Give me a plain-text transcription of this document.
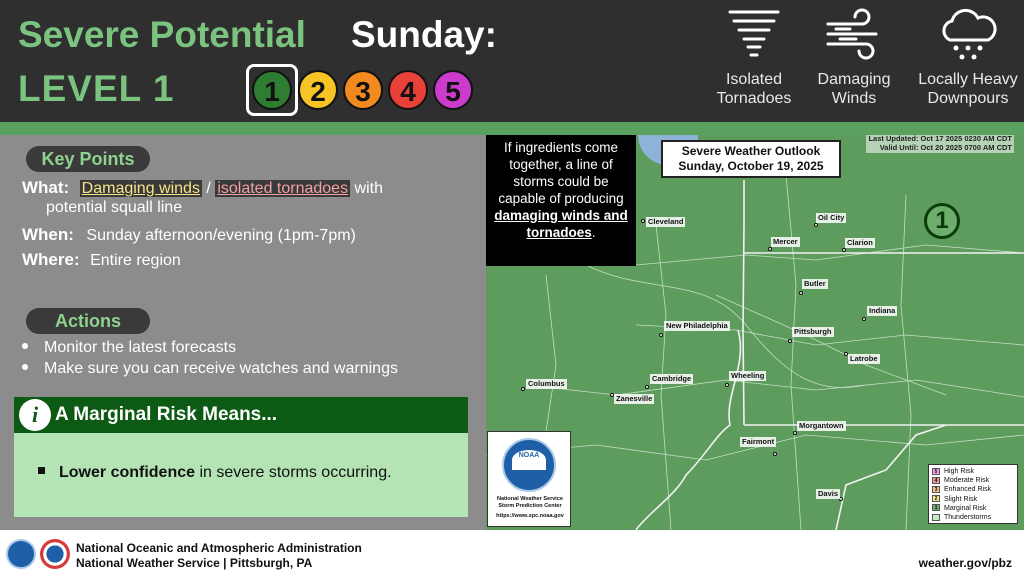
Severe Potential Sunday:
LEVEL 1	1	2	3	4	5	Isolated
Tornadoes
Damaging
Winds
Locally Heavy
Downpours
Key Points
What: Damaging winds / isolated tornadoes with
potential squall line
When: Sunday afternoon/evening (1pm-7pm)
Where: Entire region
Actions
Monitor the latest forecasts
Make sure you can receive watches and warnings
i A Marginal Risk Means...
Lower confidence in severe storms occurring.
If ingredients come together, a line of storms could be capable of producing damaging winds and tornadoes.
Severe Weather Outlook
Sunday, October 19, 2025
Last Updated: Oct 17 2025 0230 AM CDT
Valid Until: Oct 20 2025 0700 AM CDT
1
Cleveland	Oil City
Mercer	Clarion
Butler
Indiana
New Philadelphia
Pittsburgh
Latrobe
Columbus
Cambridge	Wheeling
Zanesville
Morgantown
Fairmont
Davis
NOAA
National Weather Service
Storm Prediction Center
https://www.spc.noaa.gov
5 High Risk
4 Moderate Risk
3 Enhanced Risk
2 Slight Risk
1 Marginal Risk
Thunderstorms
National Oceanic and Atmospheric Administration
National Weather Service | Pittsburgh, PA	weather.gov/pbz
